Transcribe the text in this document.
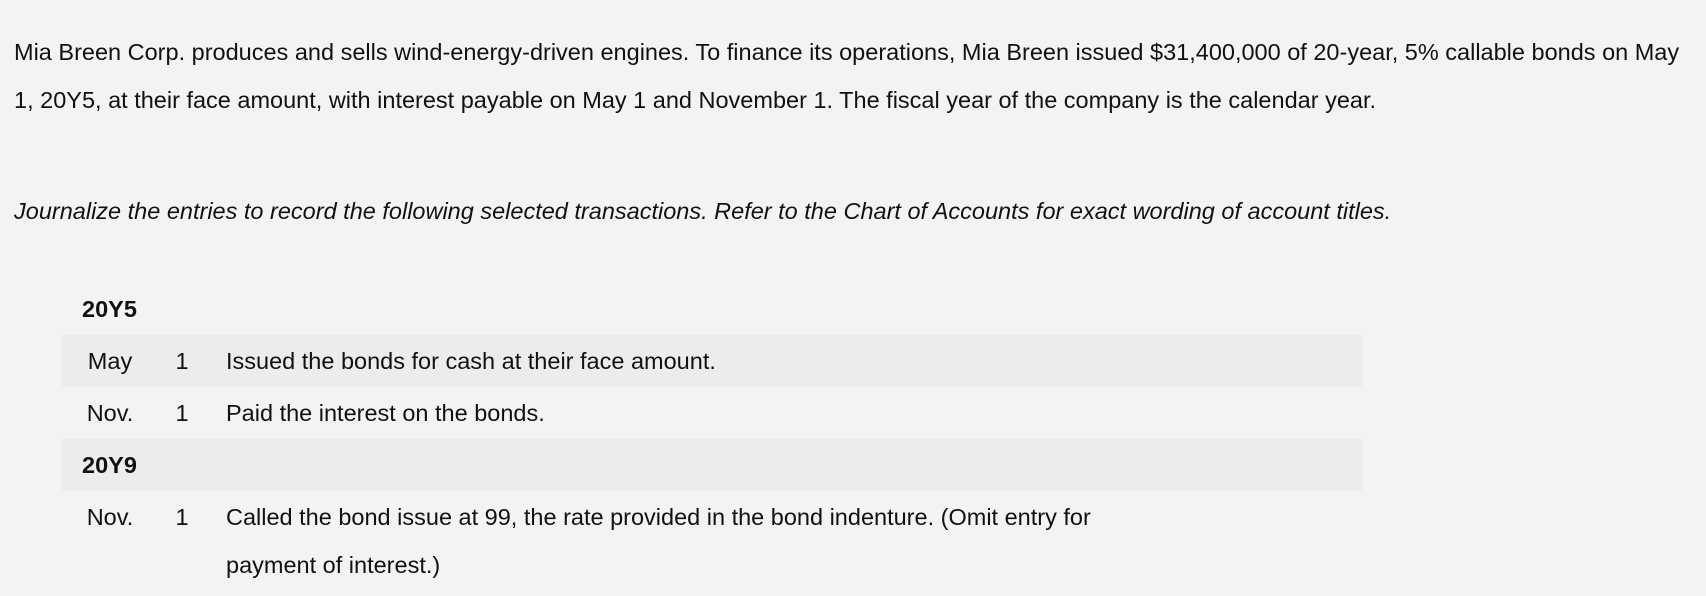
Mia Breen Corp. produces and sells wind-energy-driven engines. To finance its operations, Mia Breen issued $31,400,000 of 20-year, 5% callable bonds on May 1, 20Y5, at their face amount, with interest payable on May 1 and November 1. The fiscal year of the company is the calendar year.

Journalize the entries to record the following selected transactions. Refer to the Chart of Accounts for exact wording of account titles.

20Y5
May	1	Issued the bonds for cash at their face amount.
Nov.	1	Paid the interest on the bonds.
20Y9
Nov.	1	Called the bond issue at 99, the rate provided in the bond indenture. (Omit entry for payment of interest.)
